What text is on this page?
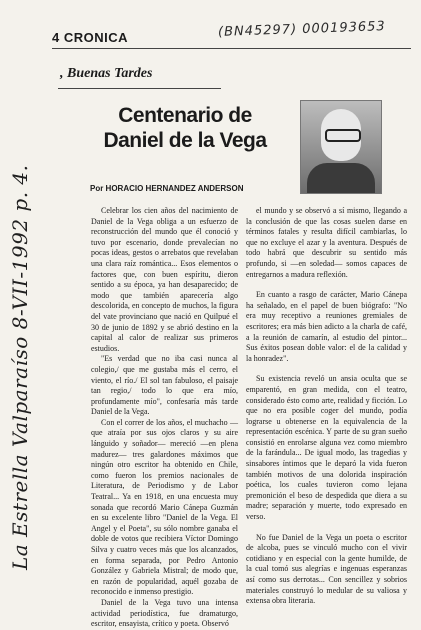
4 CRONICA	(BN45297) 000193653
, Buenas Tardes
Centenario de Daniel de la Vega
Por HORACIO HERNANDEZ ANDERSON

Celebrar los cien años del nacimiento de Daniel de la Vega obliga a un esfuerzo de reconstrucción del mundo que él conoció y tuvo por escenario, donde prevalecían no pocas ideas, gestos o arrebatos que revelaban una clara raíz romántica... Esos elementos o factores que, con buen espíritu, dieron sentido a su época, ya han desaparecido; de modo que también aparecería algo descolorida, en concepto de muchos, la figura del vate provinciano que nació en Quilpué el 30 de junio de 1892 y se abrió destino en la capital al calor de realizar sus primeros estudios.

"Es verdad que no iba casi nunca al colegio,/ que me gustaba más el cerro, el viento, el río./ El sol tan fabuloso, el paisaje tan regio,/ todo lo que era mío, profundamente mío", confesaría más tarde Daniel de la Vega.

Con el correr de los años, el muchacho —que atraía por sus ojos claros y su aire lánguido y soñador— mereció —en plena madurez— tres galardones máximos que ningún otro escritor ha obtenido en Chile, como fueron los premios nacionales de Literatura, de Periodismo y de Labor Teatral... Ya en 1918, en una encuesta muy sonada que recordó Mario Cánepa Guzmán en su excelente libro "Daniel de la Vega. El Angel y el Poeta", su sólo nombre ganaba el doble de votos que recibiera Víctor Domingo Silva y cuatro veces más que los alcanzados, en forma separada, por Pedro Antonio González y Gabriela Mistral; de modo que, en razón de popularidad, aquél gozaba de reconocido e inmenso prestigio.

Daniel de la Vega tuvo una intensa actividad periodística, fue dramaturgo, escritor, ensayista, crítico y poeta. Observó

el mundo y se observó a sí mismo, llegando a la conclusión de que las cosas suelen darse en términos fatales y resulta difícil cambiarlas, lo que no excluye el azar y la aventura. Después de todo habrá que descubrir su sentido más profundo, si —en soledad— somos capaces de entregarnos a madura reflexión.

En cuanto a rasgo de carácter, Mario Cánepa ha señalado, en el papel de buen biógrafo: "No era muy receptivo a reuniones gremiales de escritores; era más bien adicto a la charla de café, a la reunión de camarín, al estudio del pintor... Sus éxitos posean doble valor: el de la calidad y la honradez".

Su existencia reveló un ansia oculta que se emparentó, en gran medida, con el teatro, considerado ésto como arte, realidad y ficción. Lo que no era posible coger del mundo, podía lograrse u obtenerse en la equivalencia de la representación escénica. Y parte de su gran sueño consistió en enrolarse alguna vez como miembro de la farándula... De igual modo, las tragedias y sinsabores íntimos que le deparó la vida fueron también motivos de una dolorida inspiración poética, los cuales tuvieron como lejana premonición el beso de despedida que diera a su madre; separación y muerte, todo expresado en verso.

No fue Daniel de la Vega un poeta o escritor de alcoba, pues se vinculó mucho con el vivir cotidiano y en especial con la gente humilde, de la cual tomó sus alegrías e ingenuas esperanzas así como sus derrotas... Con sencillez y sobrios materiales construyó lo medular de su valiosa y extensa obra literaria.

La Estrella Valparaíso 8-VII-1992 p. 4.
